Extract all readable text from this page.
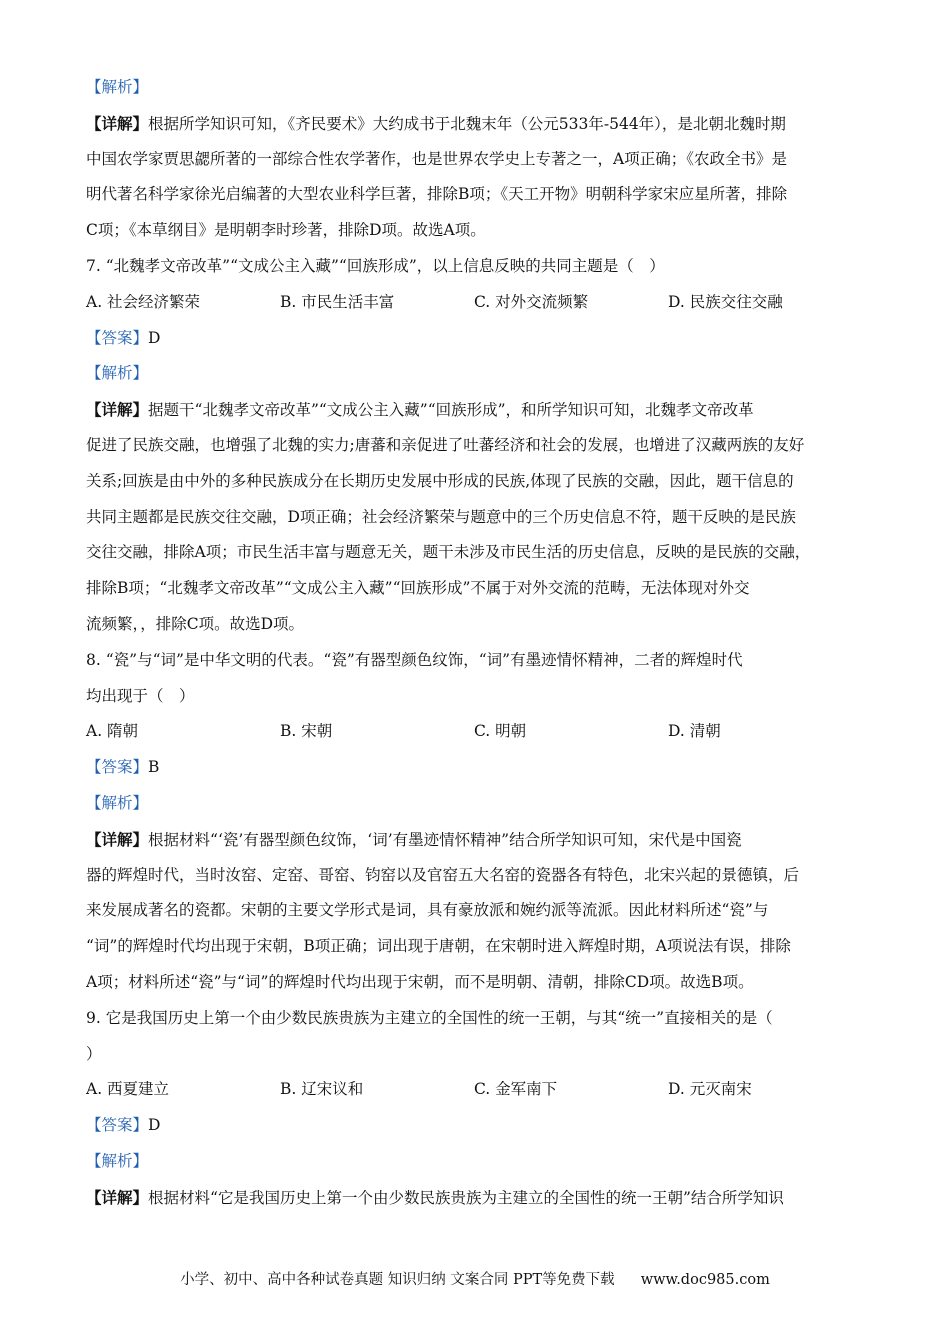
【解析】
【详解】根据所学知识可知，《齐民要术》大约成书于北魏末年（公元533年-544年），是北朝北魏时期
中国农学家贾思勰所著的一部综合性农学著作，也是世界农学史上专著之一，A项正确；《农政全书》是
明代著名科学家徐光启编著的大型农业科学巨著，排除B项；《天工开物》明朝科学家宋应星所著，排除
C项；《本草纲目》是明朝李时珍著，排除D项。故选A项。
7. “北魏孝文帝改革”“文成公主入藏”“回族形成”，以上信息反映的共同主题是（　）
A. 社会经济繁荣	B. 市民生活丰富	C. 对外交流频繁	D. 民族交往交融
【答案】D
【解析】
【详解】据题干“北魏孝文帝改革”“文成公主入藏”“回族形成”，和所学知识可知，北魏孝文帝改革
促进了民族交融，也增强了北魏的实力;唐蕃和亲促进了吐蕃经济和社会的发展，也增进了汉藏两族的友好
关系;回族是由中外的多种民族成分在长期历史发展中形成的民族,体现了民族的交融，因此，题干信息的
共同主题都是民族交往交融，D项正确；社会经济繁荣与题意中的三个历史信息不符，题干反映的是民族
交往交融，排除A项；市民生活丰富与题意无关，题干未涉及市民生活的历史信息，反映的是民族的交融，
排除B项；“北魏孝文帝改革”“文成公主入藏”“回族形成”不属于对外交流的范畴，无法体现对外交
流频繁，，排除C项。故选D项。
8. “瓷”与“词”是中华文明的代表。“瓷”有器型颜色纹饰，“词”有墨迹情怀精神，二者的辉煌时代
均出现于（　）
A. 隋朝	B. 宋朝	C. 明朝	D. 清朝
【答案】B
【解析】
【详解】根据材料“‘瓷’有器型颜色纹饰，‘词’有墨迹情怀精神”结合所学知识可知，宋代是中国瓷
器的辉煌时代，当时汝窑、定窑、哥窑、钧窑以及官窑五大名窑的瓷器各有特色，北宋兴起的景德镇，后
来发展成著名的瓷都。宋朝的主要文学形式是词，具有豪放派和婉约派等流派。因此材料所述“瓷”与
“词”的辉煌时代均出现于宋朝，B项正确；词出现于唐朝，在宋朝时进入辉煌时期，A项说法有误，排除
A项；材料所述“瓷”与“词”的辉煌时代均出现于宋朝，而不是明朝、清朝，排除CD项。故选B项。
9. 它是我国历史上第一个由少数民族贵族为主建立的全国性的统一王朝，与其“统一”直接相关的是（
）
A. 西夏建立	B. 辽宋议和	C. 金军南下	D. 元灭南宋
【答案】D
【解析】
【详解】根据材料“它是我国历史上第一个由少数民族贵族为主建立的全国性的统一王朝”结合所学知识
小学、初中、高中各种试卷真题 知识归纳 文案合同 PPT等免费下载 www.doc985.com
